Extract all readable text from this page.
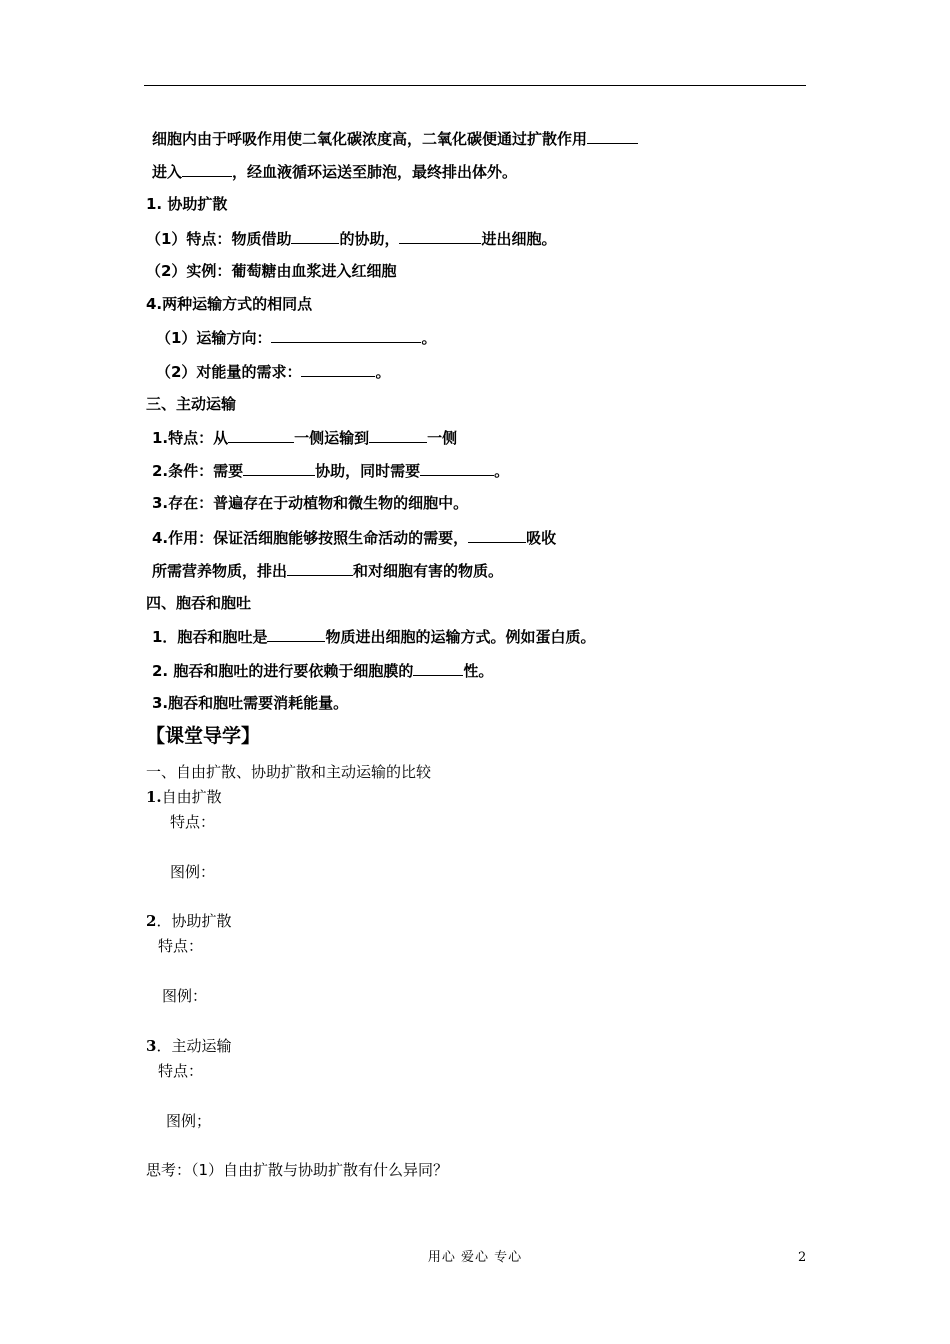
细胞内由于呼吸作用使二氧化碳浓度高，二氧化碳便通过扩散作用
进入	，经血液循环运送至肺泡，最终排出体外。
1. 协助扩散
（1）特点：物质借助	的协助，	进出细胞。
（2）实例：葡萄糖由血浆进入红细胞
4.两种运输方式的相同点
（1）运输方向：	。
（2）对能量的需求：	。
三、主动运输
1.特点：从	一侧运输到	一侧
2.条件：需要	协助，同时需要	。
3.存在：普遍存在于动植物和微生物的细胞中。
4.作用：保证活细胞能够按照生命活动的需要，	吸收
所需营养物质，排出	和对细胞有害的物质。
四、胞吞和胞吐
1．胞吞和胞吐是	物质进出细胞的运输方式。例如蛋白质。
2. 胞吞和胞吐的进行要依赖于细胞膜的	性。
3.胞吞和胞吐需要消耗能量。
【课堂导学】
一、自由扩散、协助扩散和主动运输的比较
1.自由扩散
特点：
图例：
2．协助扩散
特点：
图例：
3．主动运输
特点：
图例；
思考：（1）自由扩散与协助扩散有什么异同？
用心 爱心 专心	2
